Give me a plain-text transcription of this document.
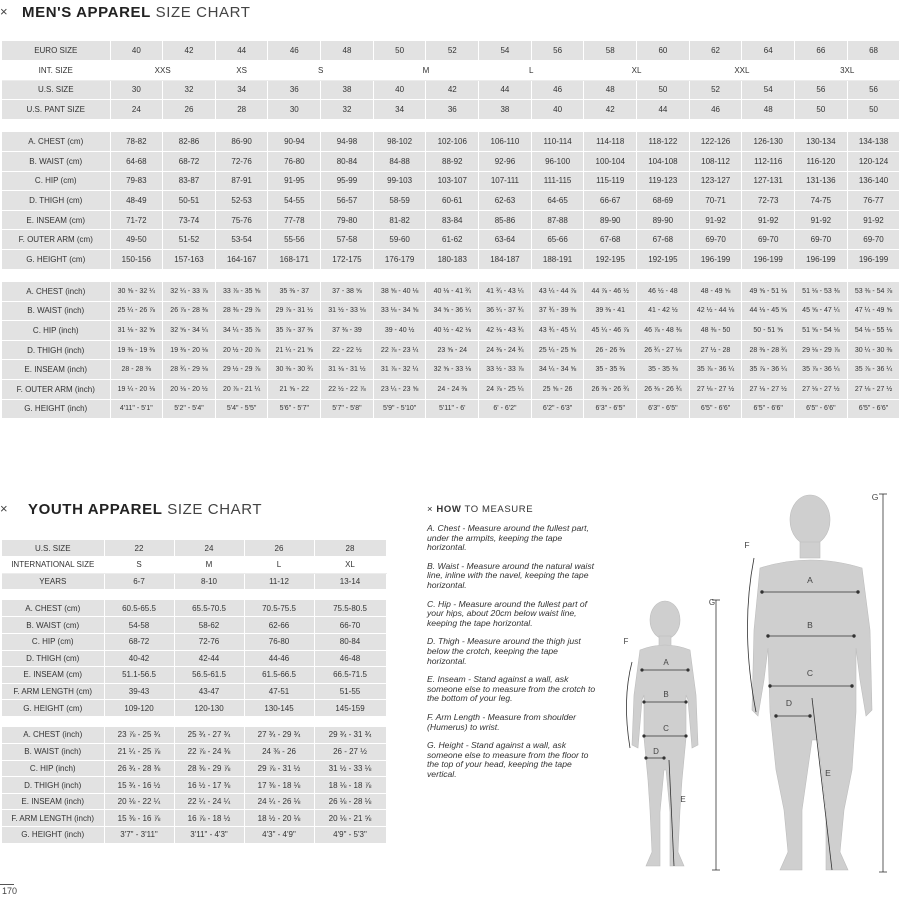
× MEN'S APPAREL SIZE CHART
EURO SIZE	40	42	44	46	48	50	52	54	56	58	60	62	64	66	68	
INT. SIZE	XXS		XS	S		M		L		XL		XXL		3XL			
U.S. SIZE	30	32	34	36	38	40	42	44	46	48	50	52	54	56	56	
U.S. PANT SIZE	24	26	28	30	32	34	36	38	40	42	44	46	48	50	50	

A. CHEST (cm)	78-82	82-86	86-90	90-94	94-98	98-102	102-106	106-110	110-114	114-118	118-122	122-126	126-130	130-134	134-138	
B. WAIST (cm)	64-68	68-72	72-76	76-80	80-84	84-88	88-92	92-96	96-100	100-104	104-108	108-112	112-116	116-120	120-124	
C. HIP (cm)	79-83	83-87	87-91	91-95	95-99	99-103	103-107	107-111	111-115	115-119	119-123	123-127	127-131	131-136	136-140	
D. THIGH (cm)	48-49	50-51	52-53	54-55	56-57	58-59	60-61	62-63	64-65	66-67	68-69	70-71	72-73	74-75	76-77	
E. INSEAM (cm)	71-72	73-74	75-76	77-78	79-80	81-82	83-84	85-86	87-88	89-90	89-90	91-92	91-92	91-92	91-92	
F. OUTER ARM (cm)	49-50	51-52	53-54	55-56	57-58	59-60	61-62	63-64	65-66	67-68	67-68	69-70	69-70	69-70	69-70	
G. HEIGHT (cm)	150-156	157-163	164-167	168-171	172-175	176-179	180-183	184-187	188-191	192-195	192-195	196-199	196-199	196-199	196-199	

A. CHEST (inch)	30 ⅝ - 32 ¼	32 ¼ - 33 ⅞	33 ⅞ - 35 ⅝	35 ⅜ - 37	37 - 38 ⅝	38 ⅝ - 40 ⅛	40 ⅛ - 41 ¾	41 ¾ - 43 ¼	43 ¼ - 44 ⅞	44 ⅞ - 46 ½	46 ½ - 48	48 - 49 ⅝	49 ⅝ - 51 ⅛	51 ⅛ - 53 ⅜	53 ⅜ - 54 ⅞	
B. WAIST (inch)	25 ¼ - 26 ⅞	26 ⅞ - 28 ⅜	28 ⅜ - 29 ⅞	29 ⅞ - 31 ½	31 ½ - 33 ⅛	33 ⅛ - 34 ⅝	34 ⅝ - 36 ¼	36 ¼ - 37 ¾	37 ¾ - 39 ⅜	39 ⅜ - 41	41 - 42 ½	42 ½ - 44 ⅛	44 ⅛ - 45 ⅝	45 ⅝ - 47 ¼	47 ¼ - 49 ⅝	
C. HIP (inch)	31 ⅛ - 32 ⅝	32 ⅝ - 34 ¼	34 ¼ - 35 ⅞	35 ⅞ - 37 ⅜	37 ⅜ - 39	39 - 40 ½	40 ½ - 42 ⅛	42 ⅛ - 43 ¾	43 ¾ - 45 ¼	45 ¼ - 46 ⅞	46 ⅞ - 48 ⅜	48 ⅜ - 50	50 - 51 ⅝	51 ⅝ - 54 ⅛	54 ⅛ - 55 ⅛	
D. THIGH (inch)	19 ⅜ - 19 ⅜	19 ⅜ - 20 ⅛	20 ½ - 20 ⅞	21 ¼ - 21 ⅝	22 - 22 ½	22 ⅞ - 23 ¼	23 ⅝ - 24	24 ⅜ - 24 ¾	25 ¼ - 25 ⅝	26 - 26 ⅜	26 ¾ - 27 ⅛	27 ½ - 28	28 ⅜ - 28 ¾	29 ⅛ - 29 ⅞	30 ¼ - 30 ⅜	
E. INSEAM (inch)	28 - 28 ⅜	28 ¾ - 29 ⅛	29 ½ - 29 ⅞	30 ⅜ - 30 ¾	31 ⅛ - 31 ½	31 ⅞ - 32 ¼	32 ⅝ - 33 ⅛	33 ½ - 33 ⅞	34 ¼ - 34 ⅝	35 - 35 ⅜	35 - 35 ⅜	35 ⅞ - 36 ¼	35 ⅞ - 36 ¼	35 ⅞ - 36 ¼	35 ⅞ - 36 ¼	
F. OUTER ARM (inch)	19 ¼ - 20 ⅛	20 ⅛ - 20 ½	20 ⅞ - 21 ¼	21 ⅝ - 22	22 ½ - 22 ⅞	23 ¼ - 23 ⅝	24 - 24 ⅜	24 ⅞ - 25 ¼	25 ⅝ - 26	26 ⅜ - 26 ¾	26 ⅜ - 26 ¾	27 ⅛ - 27 ½	27 ⅛ - 27 ½	27 ⅛ - 27 ½	27 ⅛ - 27 ½	
G. HEIGHT (inch)	4'11" - 5'1"	5'2" - 5'4"	5'4" - 5'5"	5'6" - 5'7"	5'7" - 5'8"	5'9" - 5'10"	5'11" - 6'	6' - 6'2"	6'2" - 6'3"	6'3" - 6'5"	6'3" - 6'5"	6'5" - 6'6"	6'5" - 6'6"	6'5" - 6'6"	6'5" - 6'6"	
× YOUTH APPAREL SIZE CHART
U.S. SIZE	22	24	26	28
INTERNATIONAL SIZE	S	M	L	XL
YEARS	6-7	8-10	11-12	13-14

A. CHEST (cm)	60.5-65.5	65.5-70.5	70.5-75.5	75.5-80.5
B. WAIST (cm)	54-58	58-62	62-66	66-70
C. HIP (cm)	68-72	72-76	76-80	80-84
D. THIGH (cm)	40-42	42-44	44-46	46-48
E. INSEAM (cm)	51.1-56.5	56.5-61.5	61.5-66.5	66.5-71.5
F. ARM LENGTH (cm)	39-43	43-47	47-51	51-55
G. HEIGHT (cm)	109-120	120-130	130-145	145-159

A. CHEST (inch)	23 ⅞ - 25 ¾	25 ¾ - 27 ¾	27 ¾ - 29 ¾	29 ¾ - 31 ¾
B. WAIST (inch)	21 ¼ - 25 ⅞	22 ⅞ - 24 ⅜	24 ⅜ - 26	26 - 27 ½
C. HIP (inch)	26 ¾ - 28 ⅜	28 ⅜ - 29 ⅞	29 ⅞ - 31 ½	31 ½ - 33 ⅛
D. THIGH (inch)	15 ¾ - 16 ½	16 ½ - 17 ⅜	17 ⅜ - 18 ⅛	18 ⅛ - 18 ⅞
E. INSEAM (inch)	20 ⅛ - 22 ¼	22 ¼ - 24 ¼	24 ¼ - 26 ⅛	26 ⅛ - 28 ⅛
F. ARM LENGTH (inch)	15 ⅜ - 16 ⅞	16 ⅞ - 18 ½	18 ½ - 20 ⅛	20 ⅛ - 21 ⅝
G. HEIGHT (inch)	3'7" - 3'11"	3'11" - 4'3"	4'3" - 4'9"	4'9" - 5'3"
× HOW TO MEASURE

A. Chest - Measure around the fullest part, under the armpits, keeping the tape horizontal.

B. Waist - Measure around the natural waist line, inline with the navel, keeping the tape horizontal.

C. Hip - Measure around the fullest part of your hips, about 20cm below waist line, keeping the tape horizontal.

D. Thigh - Measure around the thigh just below the crotch, keeping the tape horizontal.

E. Inseam - Stand against a wall, ask someone else to measure from the crotch to the bottom of your leg.

F. Arm Length - Measure from shoulder (Humerus) to wrist.

G. Height - Stand against a wall, ask someone else to measure from the floor to the top of your head, keeping the tape vertical.

A
B
C
D
E
F
G
A
B
C
D
E
F
G
170
